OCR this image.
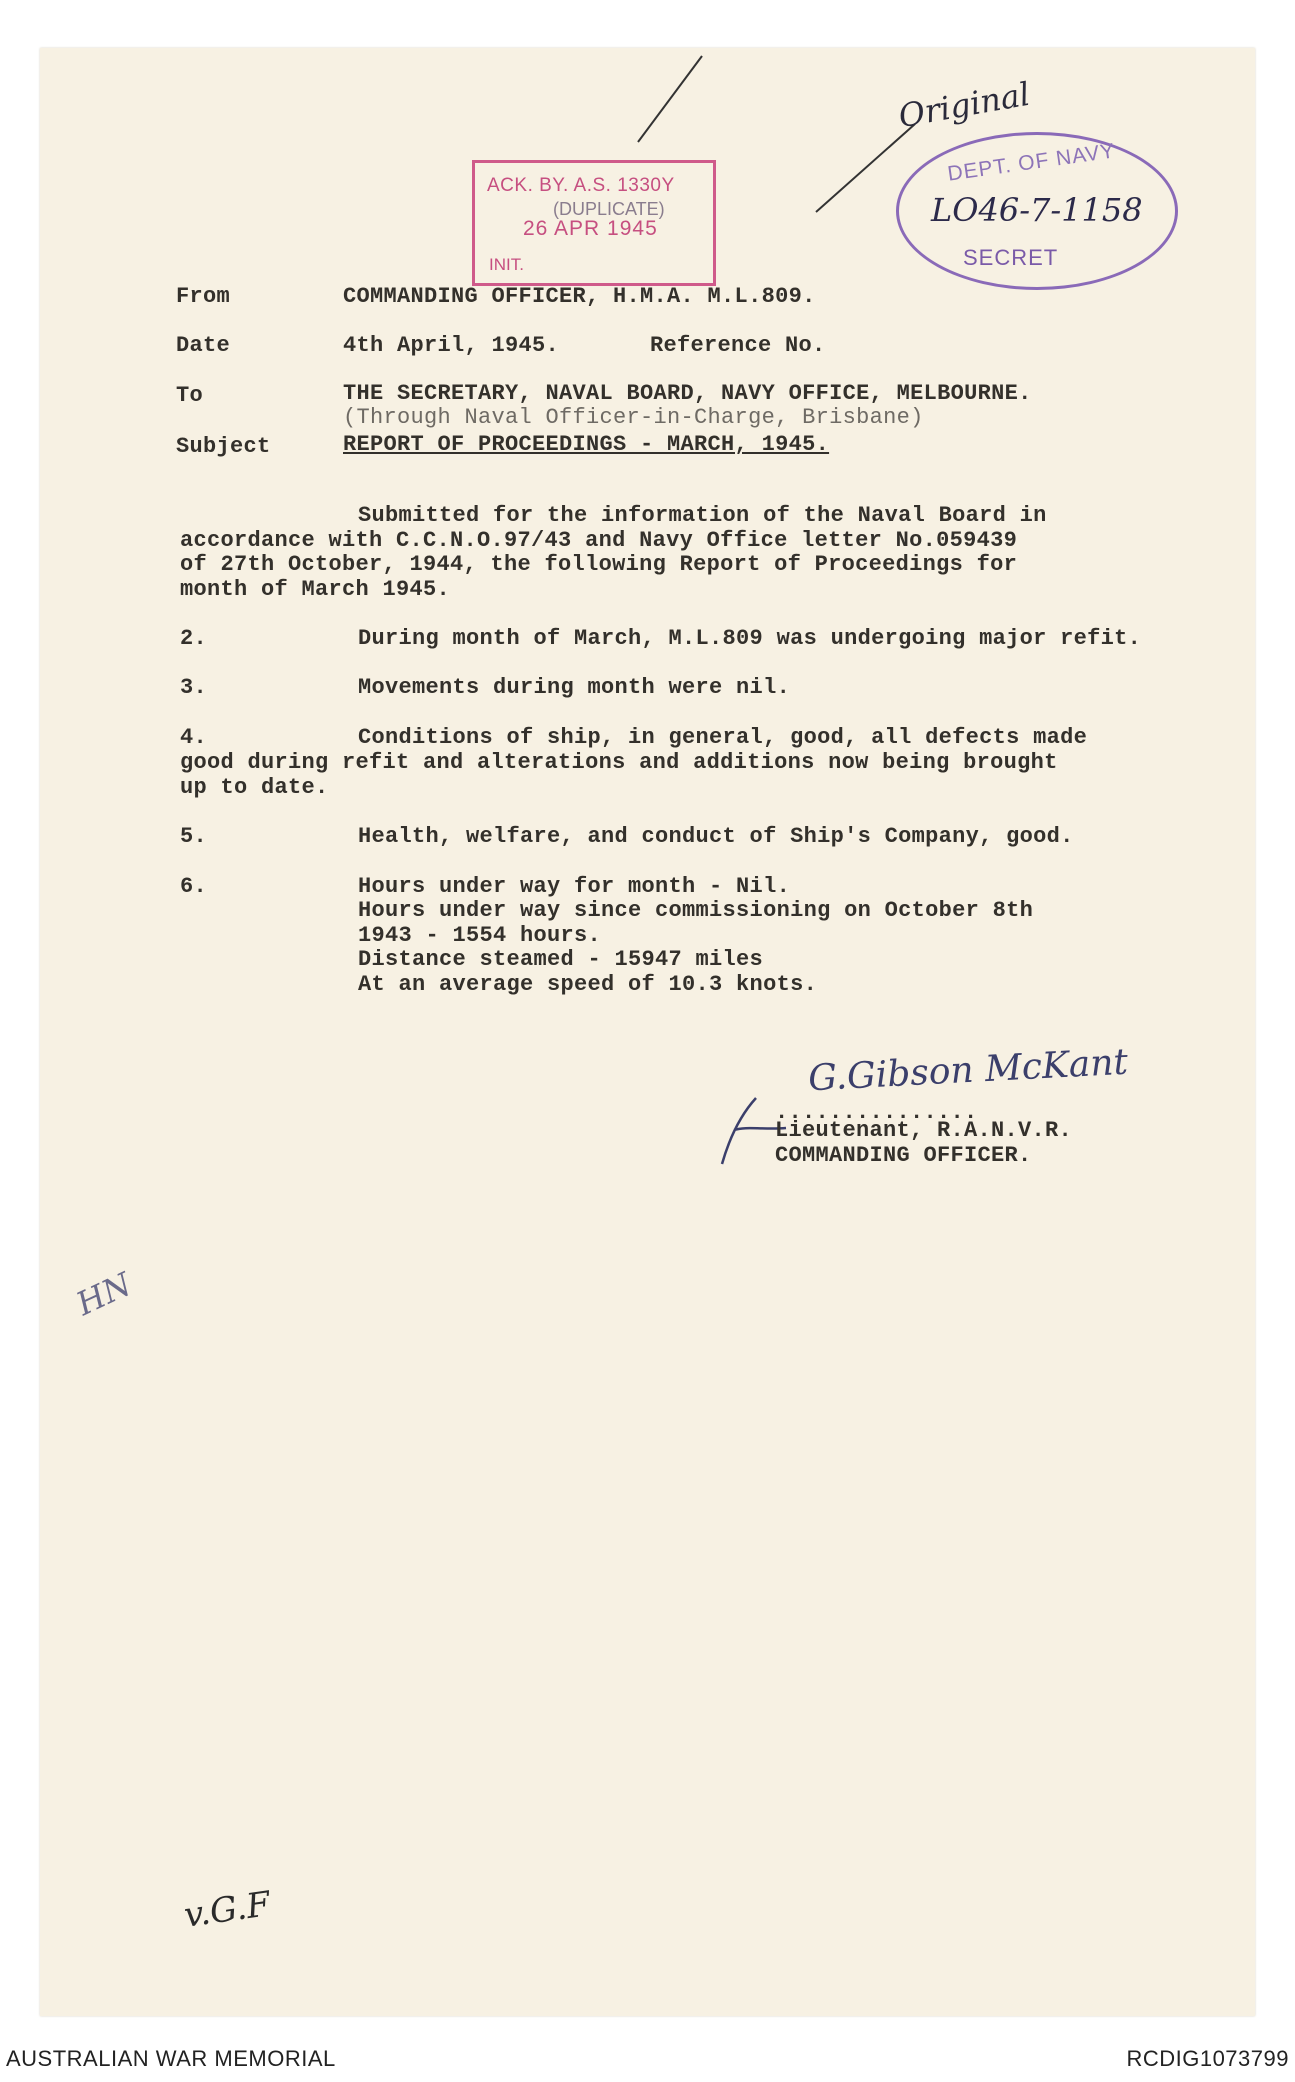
ACK. BY. A.S. 1330Y
(DUPLICATE)
26 APR 1945
INIT.
DEPT. OF NAVY
LO46-7-1158
SECRET
Original
From	COMMANDING OFFICER, H.M.A. M.L.809.
Date	4th April, 1945.	Reference No.
To	THE SECRETARY, NAVAL BOARD, NAVY OFFICE, MELBOURNE.
(Through Naval Officer-in-Charge, Brisbane)
Subject	REPORT OF PROCEEDINGS - MARCH, 1945.
Submitted for the information of the Naval Board in
accordance with C.C.N.O.97/43 and Navy Office letter No.059439
of 27th October, 1944, the following Report of Proceedings for
month of March 1945.
2.	During month of March, M.L.809 was undergoing major refit.
3.	Movements during month were nil.
4.	Conditions of ship, in general, good, all defects made
good during refit and alterations and additions now being brought
up to date.
5.	Health, welfare, and conduct of Ship's Company, good.
6.	Hours under way for month - Nil.
Hours under way since commissioning on October 8th
1943 - 1554 hours.
Distance steamed - 15947 miles
At an average speed of 10.3 knots.
G.Gibson McKant
...............
Lieutenant, R.A.N.V.R.
COMMANDING OFFICER.
HN
v.G.F
AUSTRALIAN WAR MEMORIAL	RCDIG1073799
